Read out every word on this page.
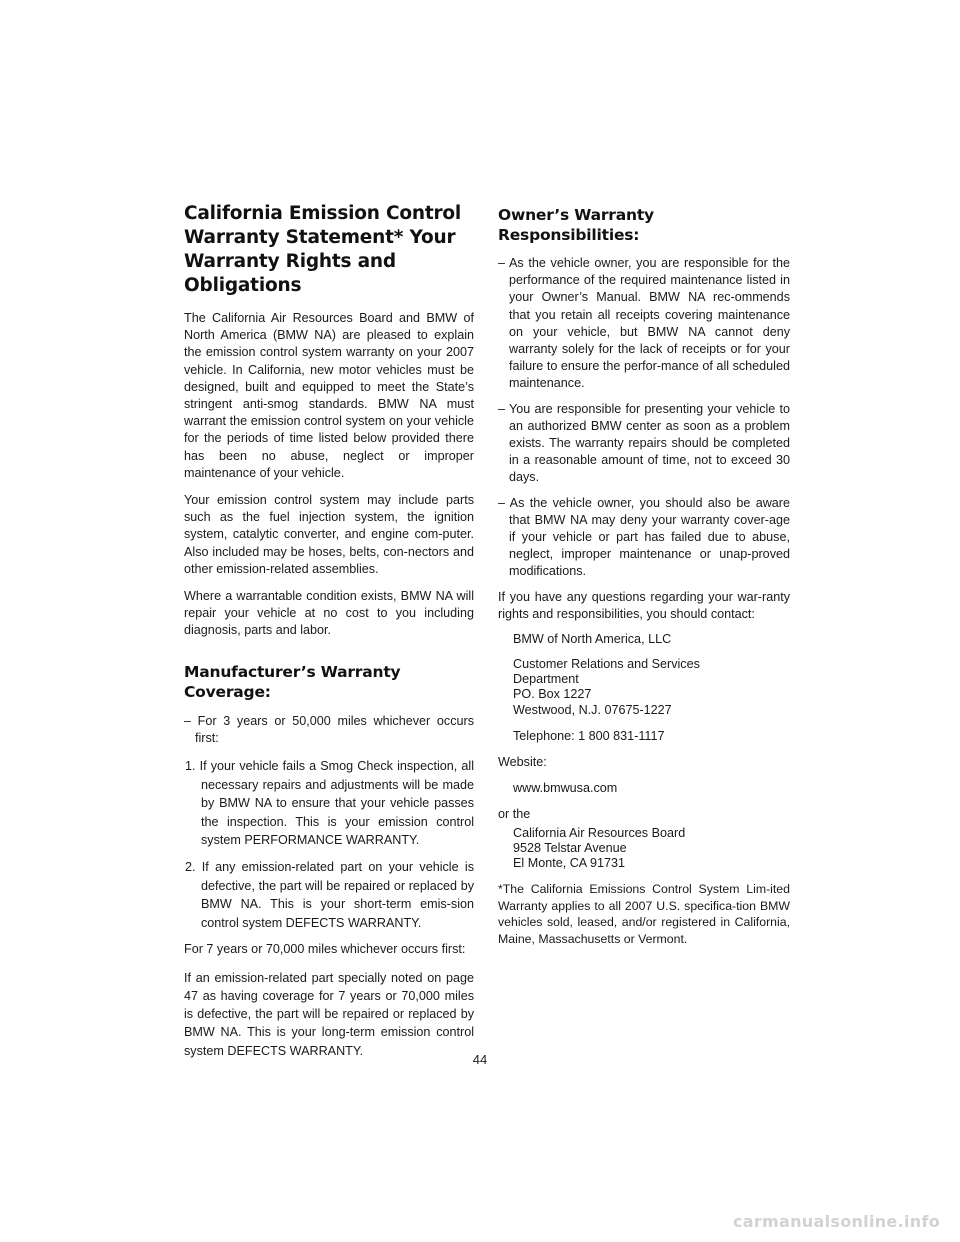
California Emission Control Warranty Statement* Your Warranty Rights and Obligations

The California Air Resources Board and BMW of North America (BMW NA) are pleased to explain the emission control system warranty on your 2007 vehicle. In California, new motor vehicles must be designed, built and equipped to meet the State’s stringent anti-smog standards. BMW NA must warrant the emission control system on your vehicle for the periods of time listed below provided there has been no abuse, neglect or improper maintenance of your vehicle.

Your emission control system may include parts such as the fuel injection system, the ignition system, catalytic converter, and engine com-puter. Also included may be hoses, belts, con-nectors and other emission-related assemblies.

Where a warrantable condition exists, BMW NA will repair your vehicle at no cost to you including diagnosis, parts and labor.

Manufacturer’s Warranty Coverage:
– For 3 years or 50,000 miles whichever occurs first:
1. If your vehicle fails a Smog Check inspection, all necessary repairs and adjustments will be made by BMW NA to ensure that your vehicle passes the inspection. This is your emission control system PERFORMANCE WARRANTY.
2. If any emission-related part on your vehicle is defective, the part will be repaired or replaced by BMW NA. This is your short-term emis-sion control system DEFECTS WARRANTY.

For 7 years or 70,000 miles whichever occurs first:

If an emission-related part specially noted on page 47 as having coverage for 7 years or 70,000 miles is defective, the part will be repaired or replaced by BMW NA. This is your long-term emission control system DEFECTS WARRANTY.

Owner’s Warranty Responsibilities:
– As the vehicle owner, you are responsible for the performance of the required maintenance listed in your Owner’s Manual. BMW NA rec-ommends that you retain all receipts covering maintenance on your vehicle, but BMW NA cannot deny warranty solely for the lack of receipts or for your failure to ensure the perfor-mance of all scheduled maintenance.
– You are responsible for presenting your vehicle to an authorized BMW center as soon as a problem exists. The warranty repairs should be completed in a reasonable amount of time, not to exceed 30 days.
– As the vehicle owner, you should also be aware that BMW NA may deny your warranty cover-age if your vehicle or part has failed due to abuse, neglect, improper maintenance or unap-proved modifications.

If you have any questions regarding your war-ranty rights and responsibilities, you should contact:

BMW of North America, LLC
Customer Relations and Services
Department
PO. Box 1227
Westwood, N.J. 07675-1227
Telephone: 1 800 831-1117
Website:
www.bmwusa.com
or the
California Air Resources Board
9528 Telstar Avenue
El Monte, CA 91731
*The California Emissions Control System Lim-ited Warranty applies to all 2007 U.S. specifica-tion BMW vehicles sold, leased, and/or registered in California, Maine, Massachusetts or Vermont.
44
carmanualsonline.info
